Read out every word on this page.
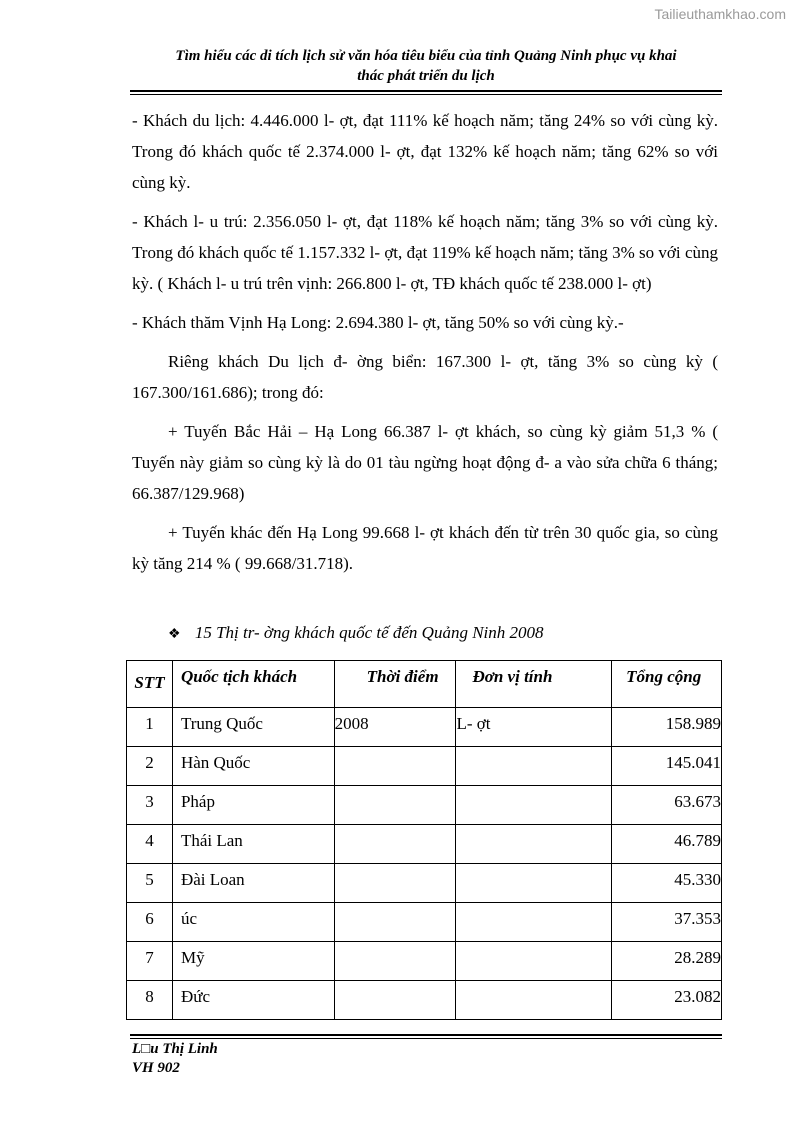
Tailieuthamkhao.com
Tìm hiểu các di tích lịch sử văn hóa tiêu biểu của tỉnh Quảng Ninh phục vụ khai
thác phát triển du lịch

- Khách du lịch: 4.446.000 l- ợt, đạt 111% kế hoạch năm; tăng 24% so với cùng kỳ. Trong đó khách quốc tế 2.374.000 l- ợt, đạt 132% kế hoạch năm; tăng 62% so với cùng kỳ.

- Khách l- u trú: 2.356.050 l- ợt, đạt 118% kế hoạch năm; tăng 3% so với cùng kỳ. Trong đó khách quốc tế 1.157.332 l- ợt, đạt 119% kế hoạch năm; tăng 3% so với cùng kỳ. ( Khách l- u trú trên vịnh: 266.800 l- ợt, TĐ khách quốc tế 238.000 l- ợt)

- Khách thăm Vịnh Hạ Long: 2.694.380 l- ợt, tăng 50% so với cùng kỳ.-

Riêng khách Du lịch đ- ờng biển: 167.300 l- ợt, tăng 3% so cùng kỳ ( 167.300/161.686); trong đó:

+ Tuyến Bắc Hải – Hạ Long 66.387 l- ợt khách, so cùng kỳ giảm 51,3 % ( Tuyến này giảm so cùng kỳ là do 01 tàu ngừng hoạt động đ- a vào sửa chữa 6 tháng; 66.387/129.968)

+ Tuyến khác đến Hạ Long 99.668 l- ợt khách đến từ trên 30 quốc gia, so cùng kỳ tăng 214 % ( 99.668/31.718).

❖ 15 Thị tr- ờng khách quốc tế đến Quảng Ninh 2008
STT	Quốc tịch khách	Thời điểm	Đơn vị tính	Tổng cộng
1	Trung Quốc	2008	L- ợt	158.989
2	Hàn Quốc			145.041
3	Pháp			63.673
4	Thái Lan			46.789
5	Đài Loan			45.330
6	úc			37.353
7	Mỹ			28.289
8	Đức			23.082
L□u Thị Linh
VH 902
